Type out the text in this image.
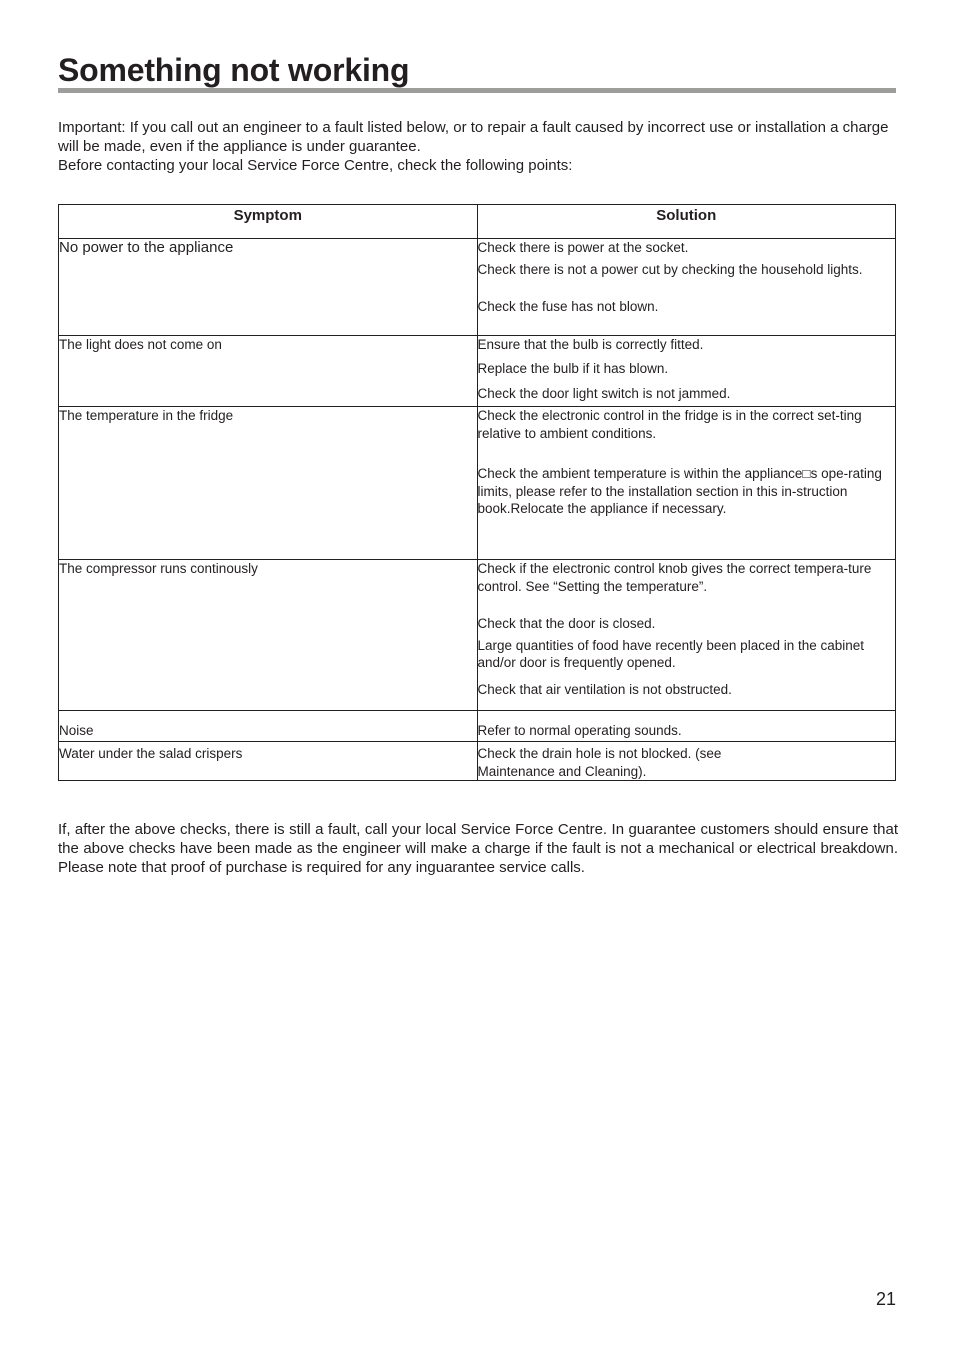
Something not working

Important: If you call out an engineer to a fault listed below, or to repair a fault caused by incorrect use or installation a charge will be made, even if the appliance is under guarantee.

Before contacting your local Service Force Centre, check the following points:

Symptom	Solution
No power to the appliance	Check there is power at the socket.
Check there is not a power cut by checking the household lights.
Check the fuse has not blown.

The light does not come on	Ensure that the bulb is correctly fitted.
Replace the bulb if it has blown.
Check the door light switch is not jammed.

The temperature in the fridge	Check the electronic control in the fridge is in the correct set-ting relative to ambient conditions.
Check the ambient temperature is within the appliance□s ope-rating limits, please refer to the installation section in this in-struction book.Relocate the appliance if necessary.

The compressor runs continously	Check if the electronic control knob gives the correct tempera-ture control. See “Setting the temperature”.
Check that the door is closed.
Large quantities of food have recently been placed in the cabinet and/or door is frequently opened.
Check that air ventilation is not obstructed.

Noise	Refer to normal operating sounds.

Water under the salad crispers	Check the drain hole is not blocked. (see Maintenance and Cleaning).

If, after the above checks, there is still a fault, call your local Service Force Centre. In guarantee customers should ensure that the above checks have been made as the engineer will make a charge if the fault is not a mechanical or electrical breakdown. Please note that proof of purchase is required for any inguarantee service calls.

21
